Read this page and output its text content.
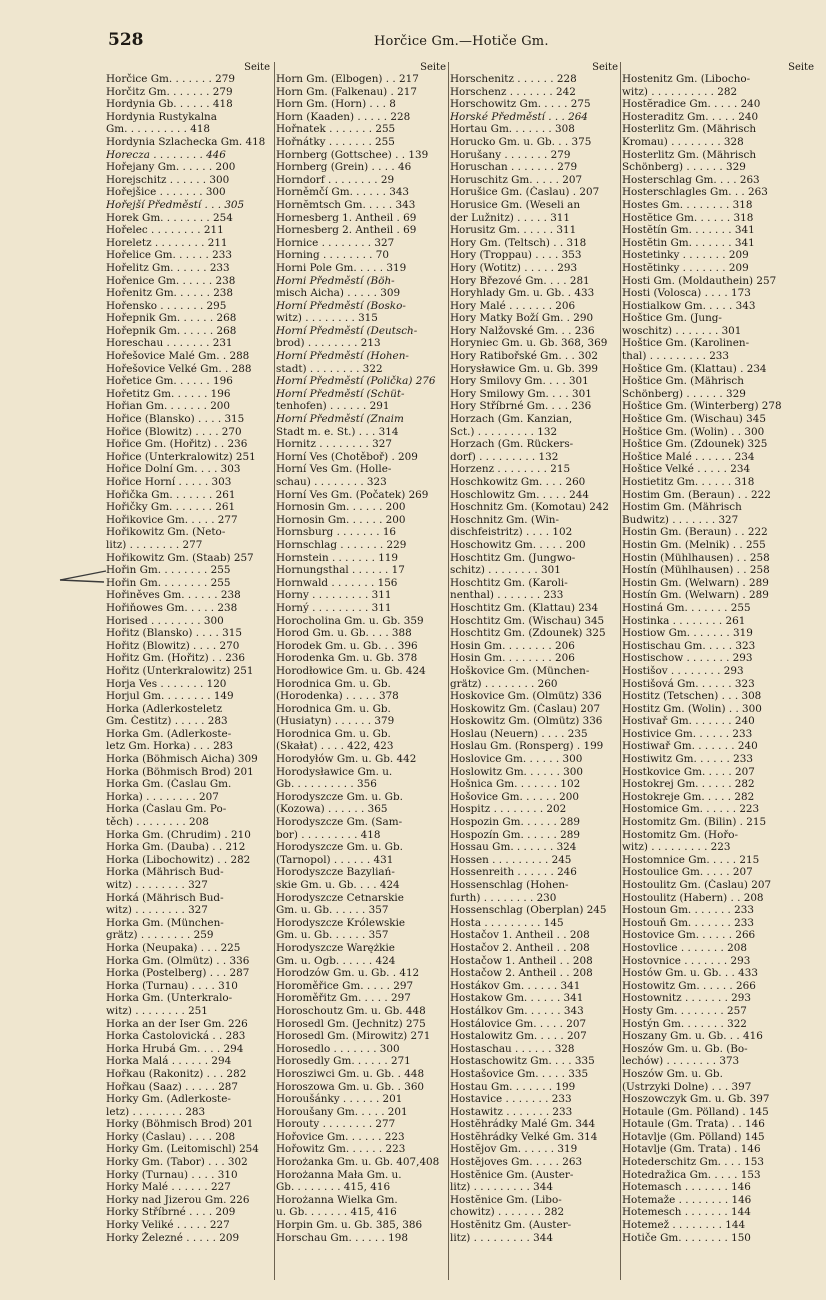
528	Horčice Gm.—Hotiče Gm.
Seite
Horčice Gm. . . . . . . 279
Horčitz Gm. . . . . . . 279
Hordynia Gb. . . . . . 418
Hordynia Rustykalna
Gm. . . . . . . . . . 418
Hordynia Szlachecka Gm. 418
Horecza . . . . . . . . 446
Hořejany Gm. . . . . . 200
Horejschitz . . . . . . 300
Hořejšice . . . . . . . 300
Hořejší Předměstí . . . 305
Horek Gm. . . . . . . . 254
Hořelec . . . . . . . . 211
Horeletz . . . . . . . . 211
Hořelice Gm. . . . . . 233
Hořelitz Gm. . . . . . 233
Hořenice Gm. . . . . . 238
Hořenitz Gm. . . . . . 238
Hořensko . . . . . . . 295
Hořepnik Gm. . . . . . 268
Hořepnik Gm. . . . . . 268
Horeschau . . . . . . . 231
Hořešovice Malé Gm. . 288
Hořešovice Velké Gm. . 288
Hořetice Gm. . . . . . 196
Hořetitz Gm. . . . . . 196
Hořian Gm. . . . . . . 200
Hořice (Blansko) . . . . 315
Hořice (Blowitz) . . . . 270
Hořice Gm. (Hořitz) . . 236
Hořice (Unterkralowitz) 251
Hořice Dolní Gm. . . . 303
Hořice Horní . . . . . 303
Hořička Gm. . . . . . . 261
Hořičky Gm. . . . . . . 261
Hořikovice Gm. . . . . 277
Hořikowitz Gm. (Neto-
litz) . . . . . . . . 277
Hořikowitz Gm. (Staab) 257
Hořin Gm. . . . . . . . 255
Hořin Gm. . . . . . . . 255
Hořiněves Gm. . . . . . 238
Hořiňowes Gm. . . . . 238
Horised . . . . . . . . 300
Hořitz (Blansko) . . . . 315
Hořitz (Blowitz) . . . . 270
Hořitz Gm. (Hořitz) . . 236
Hořitz (Unterkralowitz) 251
Horja Ves . . . . . . . 120
Horjul Gm. . . . . . . . 149
Horka (Adlerkosteletz
Gm. Čestitz) . . . . . 283
Horka Gm. (Adlerkoste-
letz Gm. Horka) . . . 283
Horka (Böhmisch Aicha) 309
Horka (Böhmisch Brod) 201
Horka Gm. (Časlau Gm.
Horka) . . . . . . . . 207
Horka (Časlau Gm. Po-
těch) . . . . . . . . 208
Horka Gm. (Chrudim) . 210
Horka Gm. (Dauba) . . 212
Horka (Libochowitz) . . 282
Horka (Mährisch Bud-
witz) . . . . . . . . 327
Horká (Mährisch Bud-
witz) . . . . . . . . 327
Horka Gm. (München-
grätz) . . . . . . . . 259
Horka (Neupaka) . . . 225
Horka Gm. (Olmütz) . . 336
Horka (Postelberg) . . . 287
Horka (Turnau) . . . . 310
Horka Gm. (Unterkralo-
witz) . . . . . . . . 251
Horka an der Iser Gm. 226
Horka Častolovická . . 283
Horka Hrubá Gm. . . . 294
Horka Malá . . . . . . 294
Hořkau (Rakonitz) . . . 282
Hořkau (Saaz) . . . . . 287
Horky Gm. (Adlerkoste-
letz) . . . . . . . . 283
Horky (Böhmisch Brod) 201
Horky (Časlau) . . . . 208
Horky Gm. (Leitomischl) 254
Horky Gm. (Tabor) . . . 302
Horky (Turnau) . . . . 310
Horky Malé . . . . . . 227
Horky nad Jizerou Gm. 226
Horky Stříbrné . . . . 209
Horky Veliké . . . . . 227
Horky Železné . . . . . 209
Seite
Horn Gm. (Elbogen) . . 217
Horn Gm. (Falkenau) . 217
Horn Gm. (Horn) . . . 8
Horn (Kaaden) . . . . . 228
Hořnatek . . . . . . . 255
Hořnátky . . . . . . . 255
Hornberg (Gottschee) . . 139
Hornberg (Grein) . . . . 46
Horndorf . . . . . . . . 29
Horněmčí Gm. . . . . . 343
Hornĕmtsch Gm. . . . . 343
Hornesberg 1. Antheil . 69
Hornesberg 2. Antheil . 69
Hornice . . . . . . . . 327
Horning . . . . . . . . 70
Horni Pole Gm. . . . . 319
Horni Předměstí (Böh-
misch Aicha) . . . . . 309
Horní Předměstí (Bosko-
witz) . . . . . . . . 315
Horní Předměstí (Deutsch-
brod) . . . . . . . . 213
Horní Předměstí (Hohen-
stadt) . . . . . . . . 322
Horní Předměstí (Polička) 276
Horní Předměstí (Schüt-
tenhofen) . . . . . . 291
Horní Předměstí (Znaim
Stadt m. e. St.) . . . 314
Hornitz . . . . . . . . 327
Horní Ves (Chotěboř) . 209
Horní Ves Gm. (Holle-
schau) . . . . . . . . 323
Horní Ves Gm. (Počatek) 269
Hornosin Gm. . . . . . 200
Hornosin Gm. . . . . . 200
Hornsburg . . . . . . . 16
Hornschlag . . . . . . . 229
Hornstein . . . . . . . 119
Hornungsthal . . . . . . 17
Hornwald . . . . . . . 156
Horny . . . . . . . . . 311
Horný . . . . . . . . . 311
Horocholina Gm. u. Gb. 359
Horod Gm. u. Gb. . . . 388
Horodek Gm. u. Gb. . . 396
Horodenka Gm. u. Gb. 378
Horodłowice Gm. u. Gb. 424
Horodnica Gm. u. Gb.
(Horodenka) . . . . . 378
Horodnica Gm. u. Gb.
(Husiatyn) . . . . . . 379
Horodnica Gm. u. Gb.
(Skałat) . . . . 422, 423
Horodyłów Gm. u. Gb. 442
Horodysławice Gm. u.
Gb. . . . . . . . . . 356
Horodyszcze Gm. u. Gb.
(Kozowa) . . . . . . 365
Horodyszcze Gm. (Sam-
bor) . . . . . . . . . 418
Horodyszcze Gm. u. Gb.
(Tarnopol) . . . . . . 431
Horodyszcze Bazyliań-
skie Gm. u. Gb. . . . 424
Horodyszcze Cetnarskie
Gm. u. Gb. . . . . . 357
Horodyszcze Królewskie
Gm. u. Gb. . . . . . 357
Horodyszcze Warężkie
Gm. u. Ogb. . . . . . 424
Horodzów Gm. u. Gb. . 412
Horoměřice Gm. . . . . 297
Horoměřitz Gm. . . . . 297
Horoschoutz Gm. u. Gb. 448
Horosedl Gm. (Jechnitz) 275
Horosedl Gm. (Mirowitz) 271
Horosedlo . . . . . . . 300
Horosedly Gm. . . . . . 271
Horosziwci Gm. u. Gb. . 448
Horoszowa Gm. u. Gb. . 360
Horoušánky . . . . . . 201
Horoušany Gm. . . . . 201
Horouty . . . . . . . . 277
Hořovice Gm. . . . . . 223
Hořowitz Gm. . . . . . 223
Horożanka Gm. u. Gb. 407,408
Horożanna Mała Gm. u.
Gb. . . . . . . . 415, 416
Horożanna Wielka Gm.
u. Gb. . . . . . . 415, 416
Horpin Gm. u. Gb. 385, 386
Horschau Gm. . . . . . 198
Seite
Horschenitz . . . . . . 228
Horschenz . . . . . . . 242
Horschowitz Gm. . . . . 275
Horské Předměstí . . . 264
Hortau Gm. . . . . . . 308
Horucko Gm. u. Gb. . . 375
Horušany . . . . . . . 279
Horuschan . . . . . . . 279
Horuschitz Gm. . . . . 207
Horušice Gm. (Časlau) . 207
Horusice Gm. (Weseli an
der Lužnitz) . . . . . 311
Horusitz Gm. . . . . . 311
Hory Gm. (Teltsch) . . 318
Hory (Troppau) . . . . 353
Hory (Wotitz) . . . . . 293
Hory Březové Gm. . . . 281
Horyhlady Gm. u. Gb. . 433
Hory Malé . . . . . . . 206
Hory Matky Boží Gm. . 290
Hory Nalžovské Gm. . . 236
Horyniec Gm. u. Gb. 368, 369
Hory Ratibořské Gm. . . 302
Horysławice Gm. u. Gb. 399
Hory Smilovy Gm. . . . 301
Hory Smilowy Gm. . . . 301
Hory Stříbrné Gm. . . . 236
Horzach (Gm. Kanzian,
Sct.) . . . . . . . . . 132
Horzach (Gm. Rückers-
dorf) . . . . . . . . . 132
Horzenz . . . . . . . . 215
Hoschkowitz Gm. . . . 260
Hoschlowitz Gm. . . . . 244
Hoschnitz Gm. (Komotau) 242
Hoschnitz Gm. (Win-
dischfeistritz) . . . . 102
Hoschowitz Gm. . . . . 200
Hoschtitz Gm. (Jungwo-
schitz) . . . . . . . . 301
Hoschtitz Gm. (Karoli-
nenthal) . . . . . . . 233
Hoschtitz Gm. (Klattau) 234
Hoschtitz Gm. (Wischau) 345
Hoschtitz Gm. (Zdounek) 325
Hosin Gm. . . . . . . . 206
Hosin Gm. . . . . . . . 206
Hoškovice Gm. (München-
grätz) . . . . . . . . 260
Hoskovice Gm. (Olmütz) 336
Hoskowitz Gm. (Časlau) 207
Hoskowitz Gm. (Olmütz) 336
Hoslau (Neuern) . . . . 235
Hoslau Gm. (Ronsperg) . 199
Hoslovice Gm. . . . . . 300
Hoslowitz Gm. . . . . . 300
Hošnica Gm. . . . . . . 102
Hošovice Gm. . . . . . 200
Hospitz . . . . . . . . 202
Hospozin Gm. . . . . . 289
Hospozín Gm. . . . . . 289
Hossau Gm. . . . . . . 324
Hossen . . . . . . . . . 245
Hossenreith . . . . . . 246
Hossenschlag (Hohen-
furth) . . . . . . . . 230
Hossenschlag (Oberplan) 245
Hosta . . . . . . . . . 145
Hostačov 1. Antheil . . 208
Hostačov 2. Antheil . . 208
Hostačow 1. Antheil . . 208
Hostačow 2. Antheil . . 208
Hostákov Gm. . . . . . 341
Hostakow Gm. . . . . . 341
Hostálkov Gm. . . . . . 343
Hostálovice Gm. . . . . 207
Hostalowitz Gm. . . . . 207
Hostaschau . . . . . . 328
Hostaschowitz Gm. . . . 335
Hostašovice Gm. . . . . 335
Hostau Gm. . . . . . . 199
Hostavice . . . . . . . 233
Hostawitz . . . . . . . 233
Hostĕhrádky Malé Gm. 344
Hostĕhrádky Velké Gm. 314
Hostĕjov Gm. . . . . . 319
Hostĕjoves Gm. . . . . 263
Hostĕnice Gm. (Auster-
litz) . . . . . . . . . 344
Hostĕnice Gm. (Libo-
chowitz) . . . . . . . 282
Hostĕnitz Gm. (Auster-
litz) . . . . . . . . . 344
Seite
Hostenitz Gm. (Libocho-
witz) . . . . . . . . . . 282
Hostĕradice Gm. . . . . 240
Hosteraditz Gm. . . . . 240
Hosterlitz Gm. (Mährisch
Kromau) . . . . . . . . 328
Hosterlitz Gm. (Mährisch
Schönberg) . . . . . . 329
Hosterschlag Gm. . . . 263
Hosterschlagles Gm. . . 263
Hostes Gm. . . . . . . . 318
Hostĕtice Gm. . . . . . 318
Hostĕtín Gm. . . . . . . 341
Hostĕtin Gm. . . . . . . 341
Hostetinky . . . . . . . 209
Hostĕtinky . . . . . . . 209
Hosti Gm. (Moldauthein) 257
Hosti (Volosca) . . . . 173
Hostialkow Gm. . . . . 343
Hoštice Gm. (Jung-
woschitz) . . . . . . . 301
Hoštice Gm. (Karolinen-
thal) . . . . . . . . . 233
Hoštice Gm. (Klattau) . 234
Hoštice Gm. (Mährisch
Schönberg) . . . . . . 329
Hoštice Gm. (Winterberg) 278
Hoštice Gm. (Wischau) 345
Hoštice Gm. (Wolin) . . 300
Hoštice Gm. (Zdounek) 325
Hoštice Malé . . . . . . 234
Hoštice Velké . . . . . 234
Hostietitz Gm. . . . . . 318
Hostim Gm. (Beraun) . . 222
Hostim Gm. (Mährisch
Budwitz) . . . . . . . 327
Hostin Gm. (Beraun) . . 222
Hostin Gm. (Melnik) . . 255
Hostin (Mühlhausen) . . 258
Hostín (Mühlhausen) . . 258
Hostin Gm. (Welwarn) . 289
Hostín Gm. (Welwarn) . 289
Hostiná Gm. . . . . . . 255
Hostinka . . . . . . . . 261
Hostiow Gm. . . . . . . 319
Hostischau Gm. . . . . 323
Hostischow . . . . . . . 293
Hostišov . . . . . . . . 293
Hostišová Gm. . . . . . 323
Hostitz (Tetschen) . . . 308
Hostitz Gm. (Wolin) . . 300
Hostivař Gm. . . . . . . 240
Hostivice Gm. . . . . . 233
Hostiwař Gm. . . . . . . 240
Hostiwitz Gm. . . . . . 233
Hostkovice Gm. . . . . 207
Hostokrej Gm. . . . . . 282
Hostokreje Gm. . . . . 282
Hostomice Gm. . . . . . 223
Hostomitz Gm. (Bilin) . 215
Hostomitz Gm. (Hořo-
witz) . . . . . . . . . 223
Hostomnice Gm. . . . . 215
Hostoulice Gm. . . . . 207
Hostoulitz Gm. (Časlau) 207
Hostoulitz (Habern) . . 208
Hostoun Gm. . . . . . . 233
Hostouň Gm. . . . . . . 233
Hostovice Gm. . . . . . 266
Hostovlice . . . . . . . 208
Hostovnice . . . . . . . 293
Hostów Gm. u. Gb. . . 433
Hostowitz Gm. . . . . . 266
Hostownitz . . . . . . . 293
Hosty Gm. . . . . . . . 257
Hostýn Gm. . . . . . . 322
Hoszany Gm. u. Gb. . . 416
Hoszów Gm. u. Gb. (Bo-
lechów) . . . . . . . . 373
Hoszów Gm. u. Gb.
(Ustrzyki Dolne) . . . 397
Hoszowczyk Gm. u. Gb. 397
Hotaule (Gm. Pölland) . 145
Hotaule (Gm. Trata) . . 146
Hotavlje (Gm. Pölland) 145
Hotavlje (Gm. Trata) . 146
Hotederschitz Gm. . . . 153
Hotedražica Gm. . . . . 153
Hotemasch . . . . . . . 146
Hotemaže . . . . . . . . 146
Hotemesch . . . . . . . 144
Hotemež . . . . . . . . 144
Hotiče Gm. . . . . . . . 150
